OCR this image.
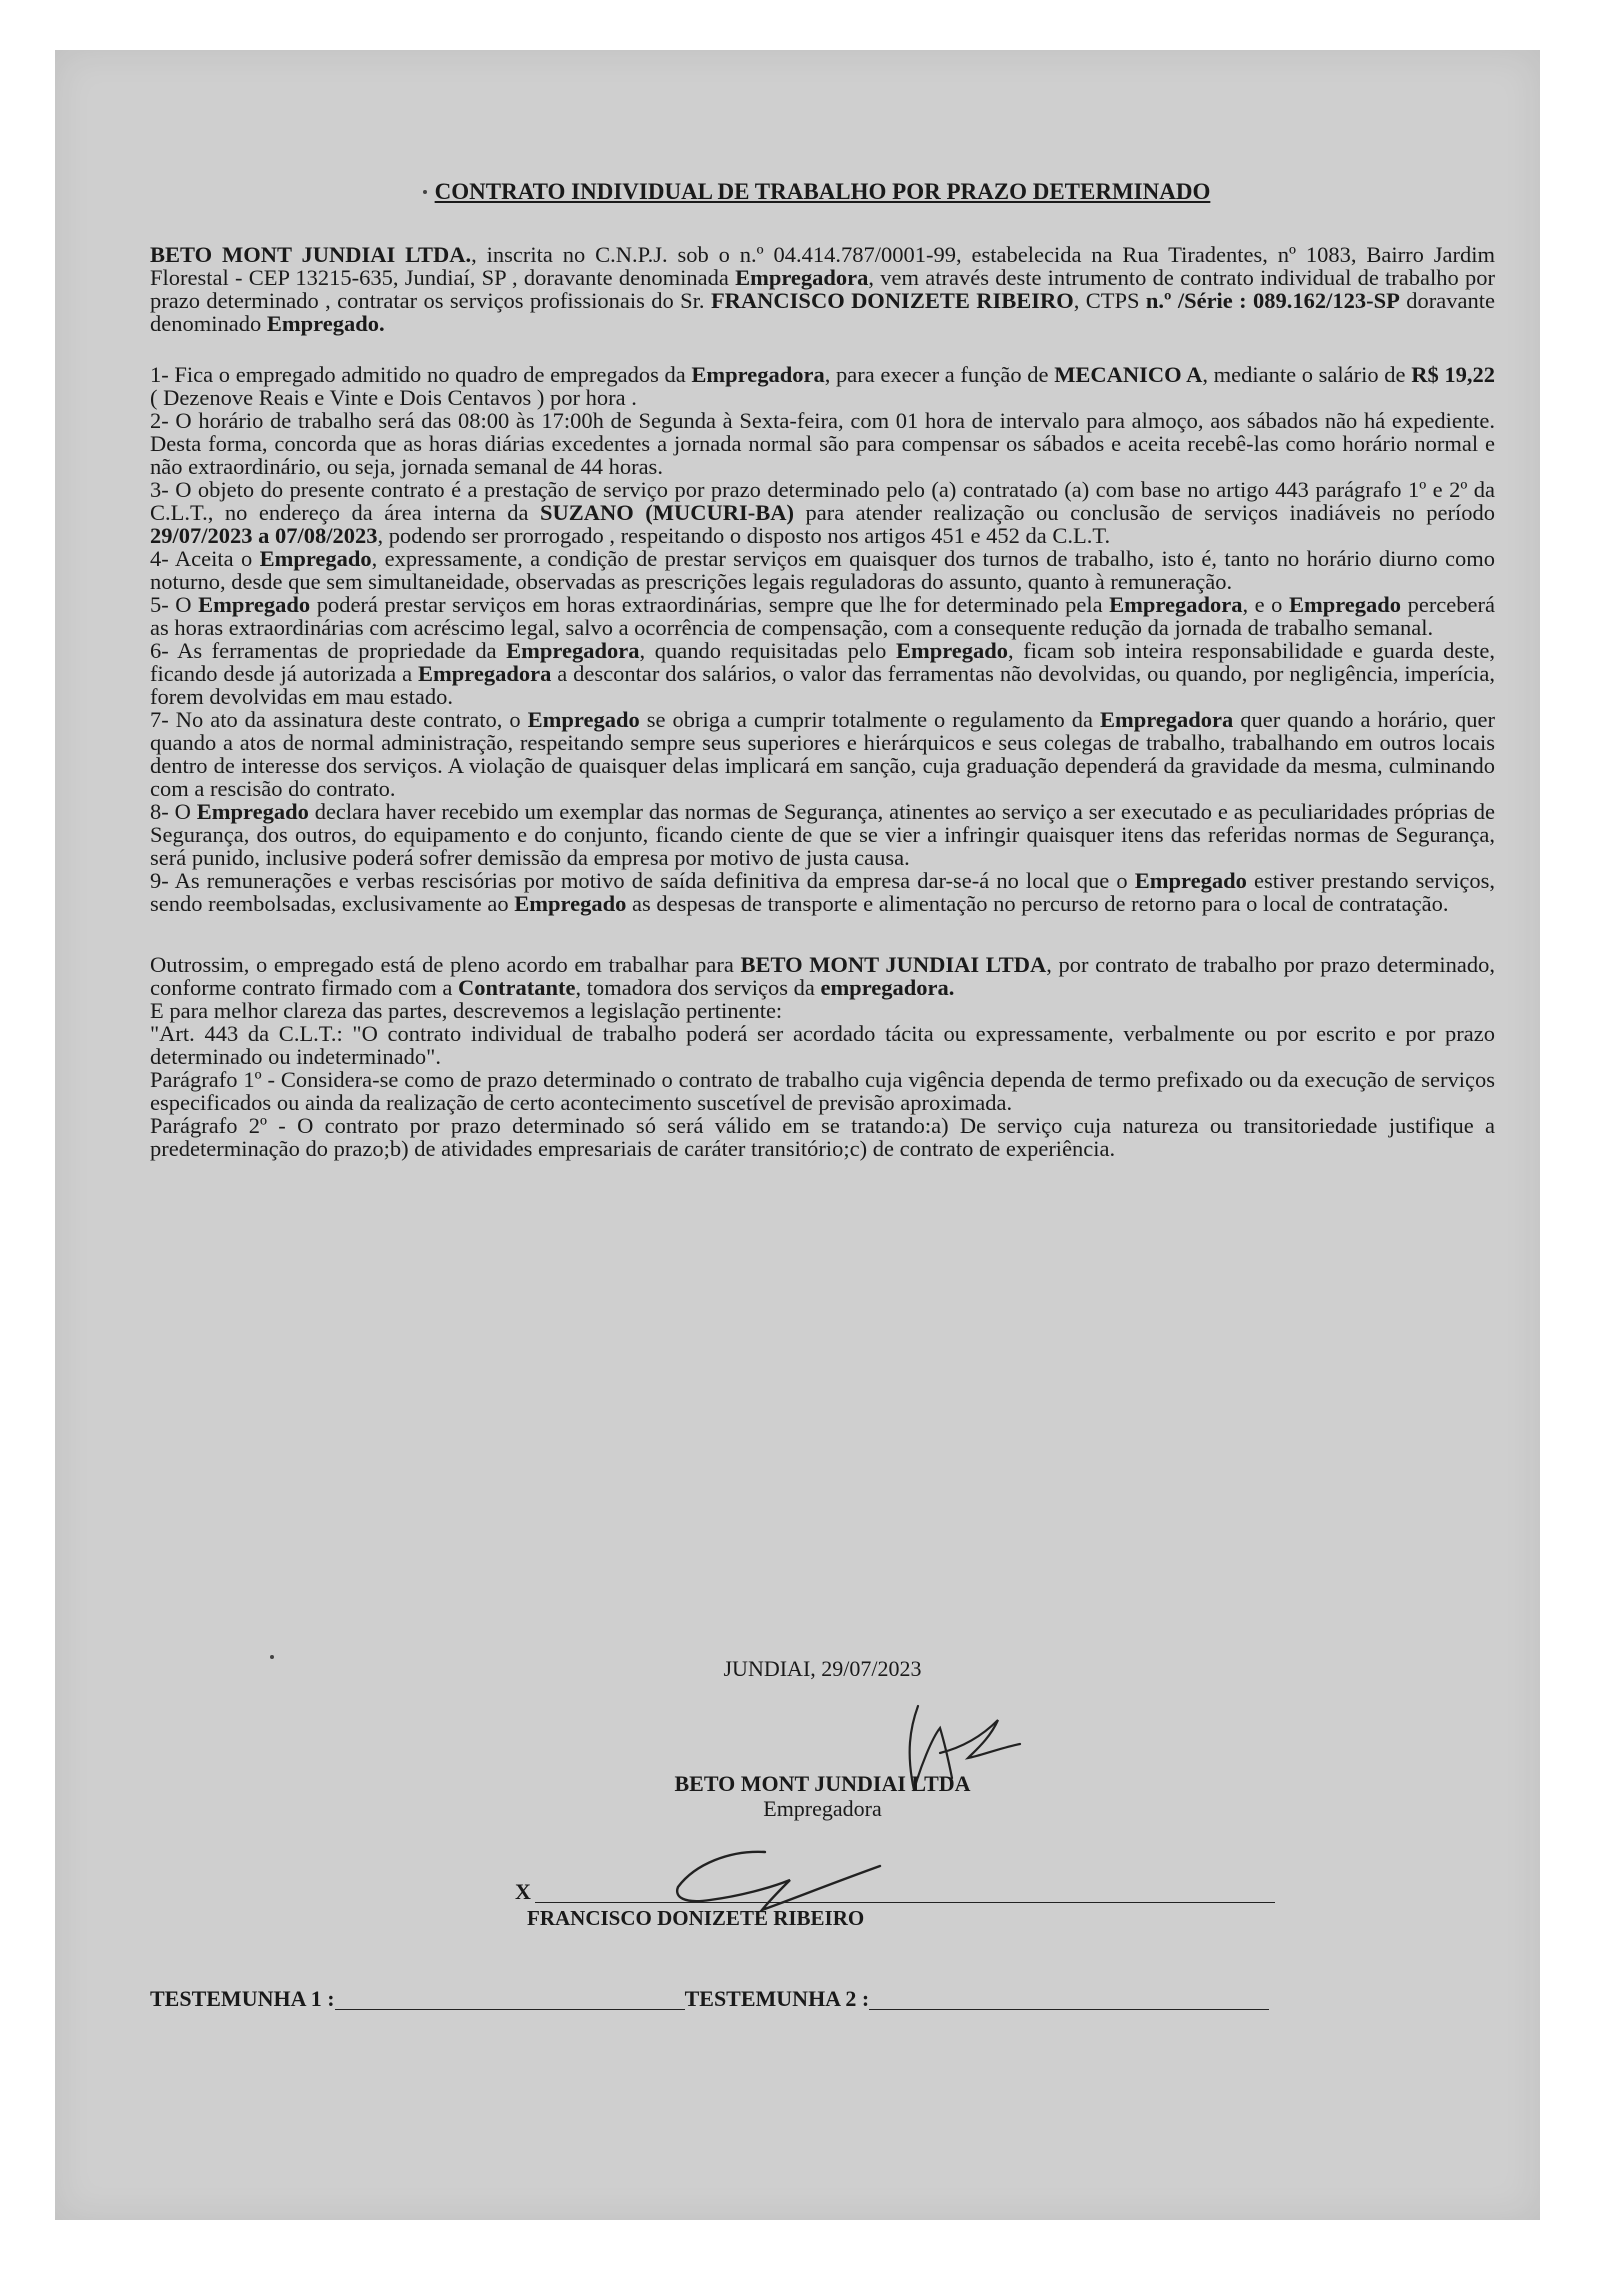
CONTRATO INDIVIDUAL DE TRABALHO POR PRAZO DETERMINADO

BETO MONT JUNDIAI LTDA., inscrita no C.N.P.J. sob o n.º 04.414.787/0001-99, estabelecida na Rua Tiradentes, nº 1083, Bairro Jardim Florestal - CEP 13215-635, Jundiaí, SP , doravante denominada Empregadora, vem através deste intrumento de contrato individual de trabalho por prazo determinado , contratar os serviços profissionais do Sr. FRANCISCO DONIZETE RIBEIRO, CTPS n.º /Série : 089.162/123-SP doravante denominado Empregado.

1- Fica o empregado admitido no quadro de empregados da Empregadora, para execer a função de MECANICO A, mediante o salário de R$ 19,22 ( Dezenove Reais e Vinte e Dois Centavos ) por hora .

2- O horário de trabalho será das 08:00 às 17:00h de Segunda à Sexta-feira, com 01 hora de intervalo para almoço, aos sábados não há expediente. Desta forma, concorda que as horas diárias excedentes a jornada normal são para compensar os sábados e aceita recebê-las como horário normal e não extraordinário, ou seja, jornada semanal de 44 horas.

3- O objeto do presente contrato é a prestação de serviço por prazo determinado pelo (a) contratado (a) com base no artigo 443 parágrafo 1º e 2º da C.L.T., no endereço da área interna da SUZANO (MUCURI-BA) para atender realização ou conclusão de serviços inadiáveis no período 29/07/2023 a 07/08/2023, podendo ser prorrogado , respeitando o disposto nos artigos 451 e 452 da C.L.T.

4- Aceita o Empregado, expressamente, a condição de prestar serviços em quaisquer dos turnos de trabalho, isto é, tanto no horário diurno como noturno, desde que sem simultaneidade, observadas as prescrições legais reguladoras do assunto, quanto à remuneração.

5- O Empregado poderá prestar serviços em horas extraordinárias, sempre que lhe for determinado pela Empregadora, e o Empregado perceberá as horas extraordinárias com acréscimo legal, salvo a ocorrência de compensação, com a consequente redução da jornada de trabalho semanal.

6- As ferramentas de propriedade da Empregadora, quando requisitadas pelo Empregado, ficam sob inteira responsabilidade e guarda deste, ficando desde já autorizada a Empregadora a descontar dos salários, o valor das ferramentas não devolvidas, ou quando, por negligência, imperícia, forem devolvidas em mau estado.

7- No ato da assinatura deste contrato, o Empregado se obriga a cumprir totalmente o regulamento da Empregadora quer quando a horário, quer quando a atos de normal administração, respeitando sempre seus superiores e hierárquicos e seus colegas de trabalho, trabalhando em outros locais dentro de interesse dos serviços. A violação de quaisquer delas implicará em sanção, cuja graduação dependerá da gravidade da mesma, culminando com a rescisão do contrato.

8- O Empregado declara haver recebido um exemplar das normas de Segurança, atinentes ao serviço a ser executado e as peculiaridades próprias de Segurança, dos outros, do equipamento e do conjunto, ficando ciente de que se vier a infringir quaisquer itens das referidas normas de Segurança, será punido, inclusive poderá sofrer demissão da empresa por motivo de justa causa.

9- As remunerações e verbas rescisórias por motivo de saída definitiva da empresa dar-se-á no local que o Empregado estiver prestando serviços, sendo reembolsadas, exclusivamente ao Empregado as despesas de transporte e alimentação no percurso de retorno para o local de contratação.

Outrossim, o empregado está de pleno acordo em trabalhar para BETO MONT JUNDIAI LTDA, por contrato de trabalho por prazo determinado, conforme contrato firmado com a Contratante, tomadora dos serviços da empregadora.

E para melhor clareza das partes, descrevemos a legislação pertinente:

"Art. 443 da C.L.T.: "O contrato individual de trabalho poderá ser acordado tácita ou expressamente, verbalmente ou por escrito e por prazo determinado ou indeterminado".

Parágrafo 1º - Considera-se como de prazo determinado o contrato de trabalho cuja vigência dependa de termo prefixado ou da execução de serviços especificados ou ainda da realização de certo acontecimento suscetível de previsão aproximada.

Parágrafo 2º - O contrato por prazo determinado só será válido em se tratando:a) De serviço cuja natureza ou transitoriedade justifique a predeterminação do prazo;b) de atividades empresariais de caráter transitório;c) de contrato de experiência.

JUNDIAI, 29/07/2023
BETO MONT JUNDIAI LTDA
Empregadora
X
FRANCISCO DONIZETE RIBEIRO
TESTEMUNHA 1 :	TESTEMUNHA 2 :
